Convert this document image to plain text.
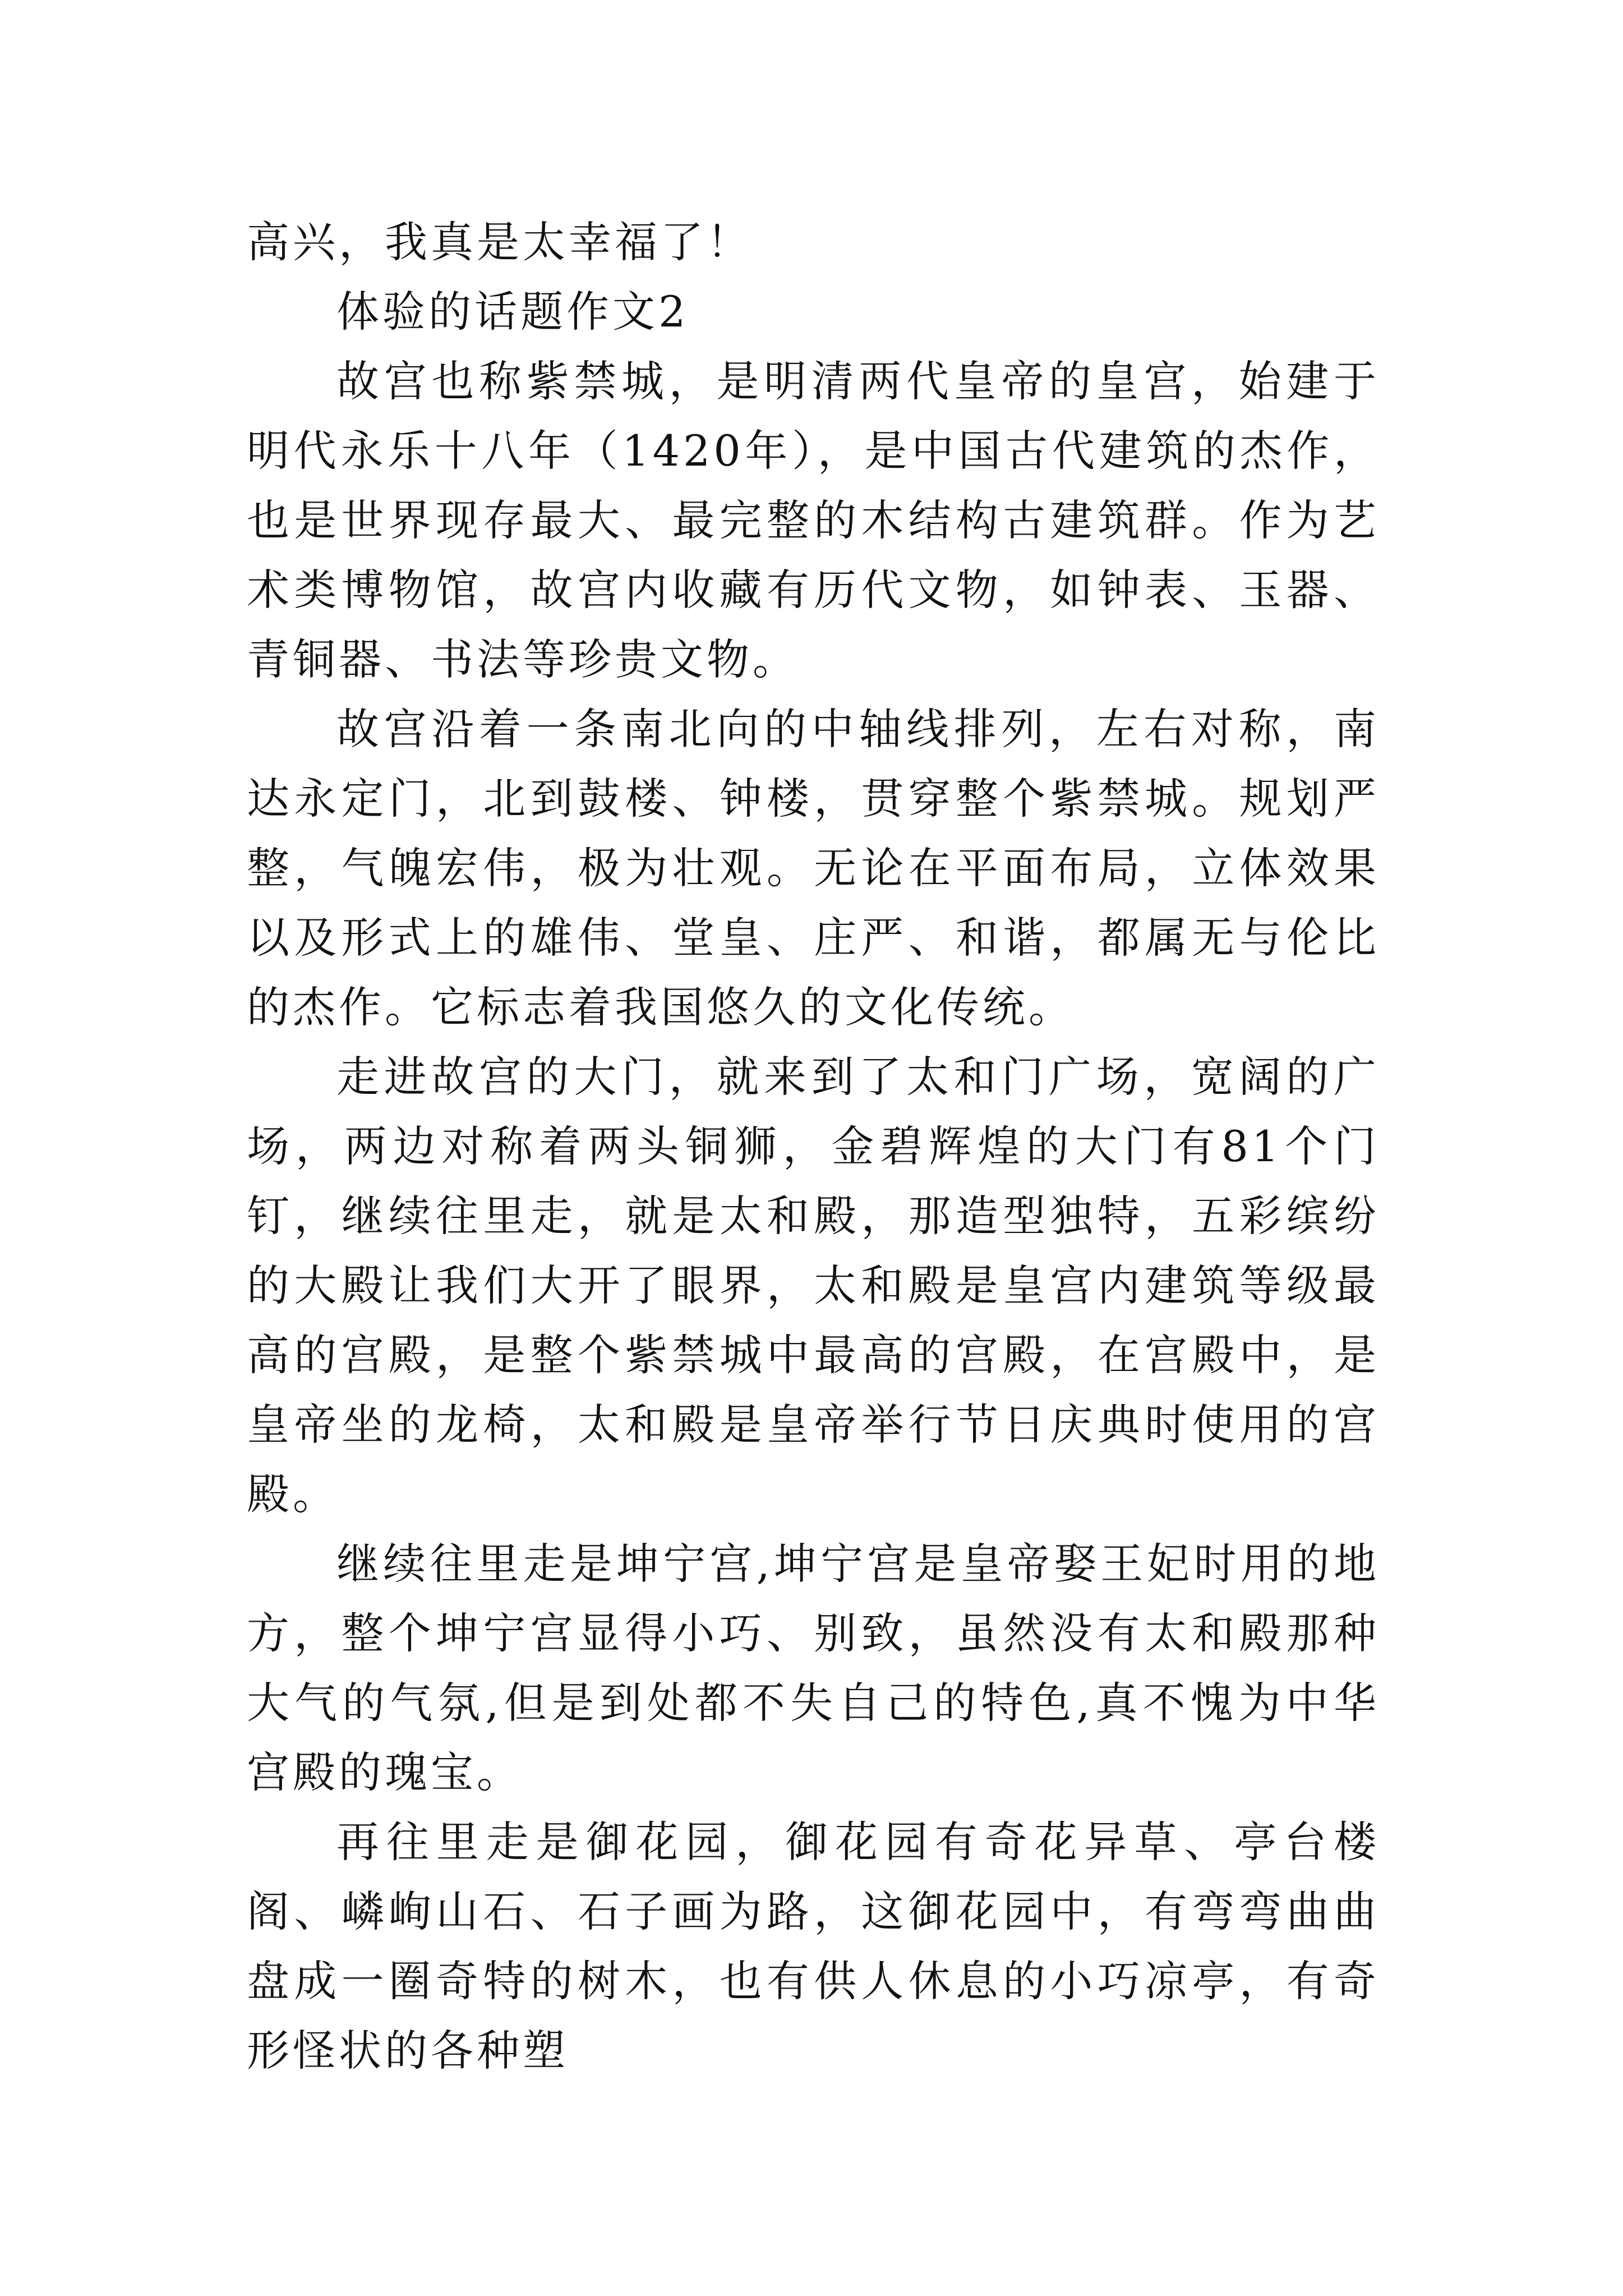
高兴，我真是太幸福了！

体验的话题作文2

故宫也称紫禁城，是明清两代皇帝的皇宫，始建于明代永乐十八年（1420年），是中国古代建筑的杰作，也是世界现存最大、最完整的木结构古建筑群。作为艺术类博物馆，故宫内收藏有历代文物，如钟表、玉器、青铜器、书法等珍贵文物。

故宫沿着一条南北向的中轴线排列，左右对称，南达永定门，北到鼓楼、钟楼，贯穿整个紫禁城。规划严整，气魄宏伟，极为壮观。无论在平面布局，立体效果以及形式上的雄伟、堂皇、庄严、和谐，都属无与伦比的杰作。它标志着我国悠久的文化传统。

走进故宫的大门，就来到了太和门广场，宽阔的广场，两边对称着两头铜狮，金碧辉煌的大门有81个门钉，继续往里走，就是太和殿，那造型独特，五彩缤纷的大殿让我们大开了眼界，太和殿是皇宫内建筑等级最高的宫殿，是整个紫禁城中最高的宫殿，在宫殿中，是皇帝坐的龙椅，太和殿是皇帝举行节日庆典时使用的宫殿。

继续往里走是坤宁宫,坤宁宫是皇帝娶王妃时用的地方，整个坤宁宫显得小巧、别致，虽然没有太和殿那种大气的气氛,但是到处都不失自己的特色,真不愧为中华宫殿的瑰宝。

再往里走是御花园，御花园有奇花异草、亭台楼阁、嶙峋山石、石子画为路，这御花园中，有弯弯曲曲盘成一圈奇特的树木，也有供人休息的小巧凉亭，有奇形怪状的各种塑
